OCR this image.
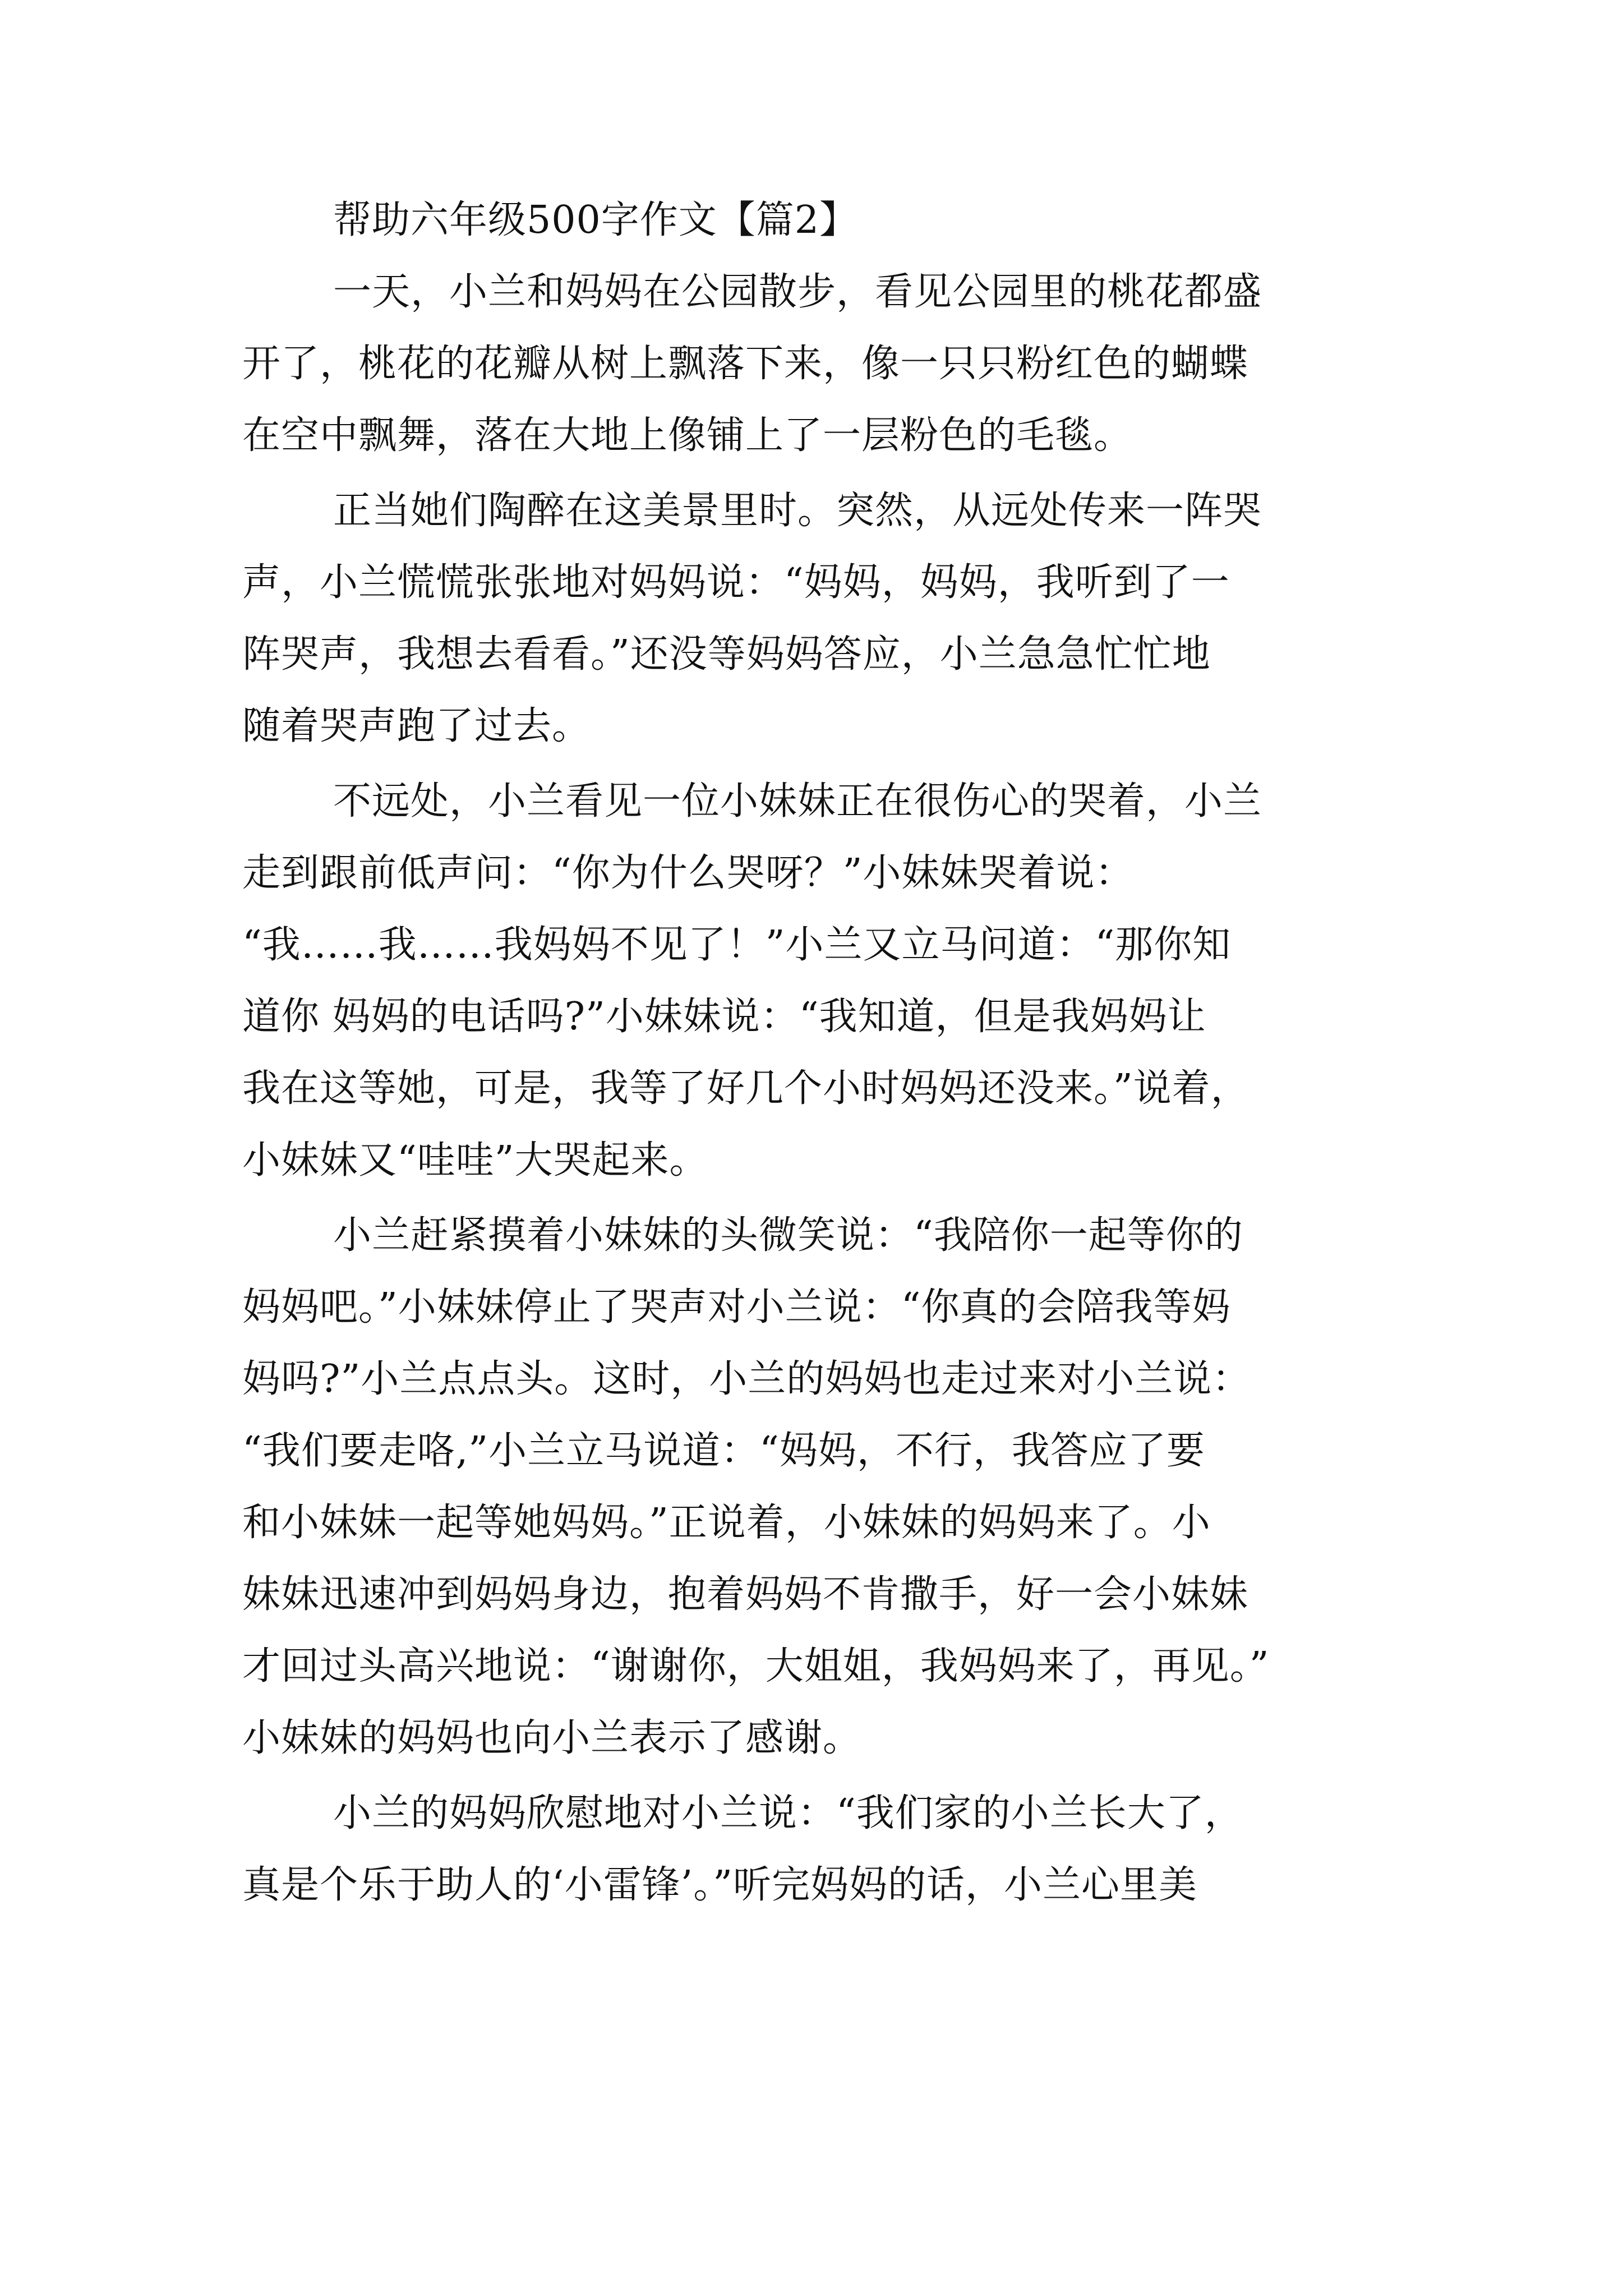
帮助六年级500字作文【篇2】
一天，小兰和妈妈在公园散步，看见公园里的桃花都盛
开了，桃花的花瓣从树上飘落下来，像一只只粉红色的蝴蝶
在空中飘舞，落在大地上像铺上了一层粉色的毛毯。
正当她们陶醉在这美景里时。突然，从远处传来一阵哭
声，小兰慌慌张张地对妈妈说：“妈妈，妈妈，我听到了一
阵哭声，我想去看看。”还没等妈妈答应，小兰急急忙忙地
随着哭声跑了过去。
不远处，小兰看见一位小妹妹正在很伤心的哭着，小兰
走到跟前低声问：“你为什么哭呀？”小妹妹哭着说：
“我……我……我妈妈不见了！”小兰又立马问道：“那你知
道你 妈妈的电话吗?”小妹妹说：“我知道，但是我妈妈让
我在这等她，可是，我等了好几个小时妈妈还没来。”说着，
小妹妹又“哇哇”大哭起来。
小兰赶紧摸着小妹妹的头微笑说：“我陪你一起等你的
妈妈吧。”小妹妹停止了哭声对小兰说：“你真的会陪我等妈
妈吗?”小兰点点头。这时，小兰的妈妈也走过来对小兰说：
“我们要走咯,”小兰立马说道：“妈妈，不行，我答应了要
和小妹妹一起等她妈妈。”正说着，小妹妹的妈妈来了。小
妹妹迅速冲到妈妈身边，抱着妈妈不肯撒手，好一会小妹妹
才回过头高兴地说：“谢谢你，大姐姐，我妈妈来了，再见。”
小妹妹的妈妈也向小兰表示了感谢。
小兰的妈妈欣慰地对小兰说：“我们家的小兰长大了，
真是个乐于助人的‘小雷锋’。”听完妈妈的话，小兰心里美
